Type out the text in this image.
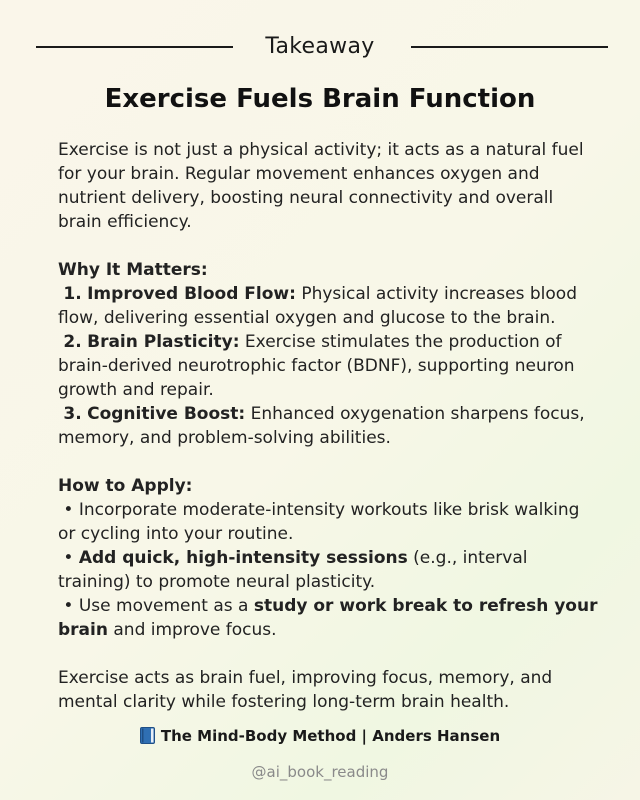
Takeaway
Exercise Fuels Brain Function

Exercise is not just a physical activity; it acts as a natural fuel for your brain. Regular movement enhances oxygen and nutrient delivery, boosting neural connectivity and overall brain efficiency.

Why It Matters:

1. Improved Blood Flow: Physical activity increases blood flow, delivering essential oxygen and glucose to the brain.

2. Brain Plasticity: Exercise stimulates the production of brain-derived neurotrophic factor (BDNF), supporting neuron growth and repair.

3. Cognitive Boost: Enhanced oxygenation sharpens focus, memory, and problem-solving abilities.

How to Apply:

• Incorporate moderate-intensity workouts like brisk walking or cycling into your routine.

• Add quick, high-intensity sessions (e.g., interval training) to promote neural plasticity.

• Use movement as a study or work break to refresh your brain and improve focus.

Exercise acts as brain fuel, improving focus, memory, and mental clarity while fostering long-term brain health.

The Mind-Body Method | Anders Hansen
@ai_book_reading
